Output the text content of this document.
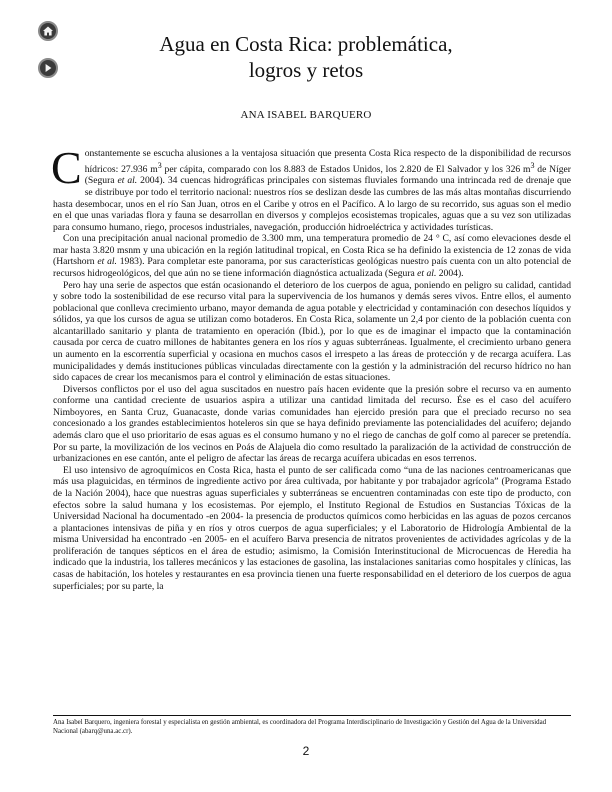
Agua en Costa Rica: problemática,
logros y retos
ANA ISABEL BARQUERO

Constantemente se escucha alusiones a la ventajosa situación que presenta Costa Rica respecto de la disponibilidad de recursos hídricos: 27.936 $m^3$ per cápita, comparado con los 8.883 de Estados Unidos, los 2.820 de El Salvador y los 326 $m^3$ de Níger (Segura et al. 2004). 34 cuencas hidrográficas principales con sistemas fluviales formando una intrincada red de drenaje que se distribuye por todo el territorio nacional: nuestros ríos se deslizan desde las cumbres de las más altas montañas discurriendo hasta desembocar, unos en el río San Juan, otros en el Caribe y otros en el Pacífico. A lo largo de su recorrido, sus aguas son el medio en el que unas variadas flora y fauna se desarrollan en diversos y complejos ecosistemas tropicales, aguas que a su vez son utilizadas para consumo humano, riego, procesos industriales, navegación, producción hidroeléctrica y actividades turísticas.

Con una precipitación anual nacional promedio de 3.300 mm, una temperatura promedio de 24 ° C, así como elevaciones desde el mar hasta 3.820 msnm y una ubicación en la región latitudinal tropical, en Costa Rica se ha definido la existencia de 12 zonas de vida (Hartshorn et al. 1983). Para completar este panorama, por sus características geológicas nuestro país cuenta con un alto potencial de recursos hidrogeológicos, del que aún no se tiene información diagnóstica actualizada (Segura et al. 2004).

Pero hay una serie de aspectos que están ocasionando el deterioro de los cuerpos de agua, poniendo en peligro su calidad, cantidad y sobre todo la sostenibilidad de ese recurso vital para la supervivencia de los humanos y demás seres vivos. Entre ellos, el aumento poblacional que conlleva crecimiento urbano, mayor demanda de agua potable y electricidad y contaminación con desechos líquidos y sólidos, ya que los cursos de agua se utilizan como botaderos. En Costa Rica, solamente un 2,4 por ciento de la población cuenta con alcantarillado sanitario y planta de tratamiento en operación (Ibid.), por lo que es de imaginar el impacto que la contaminación causada por cerca de cuatro millones de habitantes genera en los ríos y aguas subterráneas. Igualmente, el crecimiento urbano genera un aumento en la escorrentía superficial y ocasiona en muchos casos el irrespeto a las áreas de protección y de recarga acuífera. Las municipalidades y demás instituciones públicas vinculadas directamente con la gestión y la administración del recurso hídrico no han sido capaces de crear los mecanismos para el control y eliminación de estas situaciones.

Diversos conflictos por el uso del agua suscitados en nuestro país hacen evidente que la presión sobre el recurso va en aumento conforme una cantidad creciente de usuarios aspira a utilizar una cantidad limitada del recurso. Ése es el caso del acuífero Nimboyores, en Santa Cruz, Guanacaste, donde varias comunidades han ejercido presión para que el preciado recurso no sea concesionado a los grandes establecimientos hoteleros sin que se haya definido previamente las potencialidades del acuífero; dejando además claro que el uso prioritario de esas aguas es el consumo humano y no el riego de canchas de golf como al parecer se pretendía. Por su parte, la movilización de los vecinos en Poás de Alajuela dio como resultado la paralización de la actividad de construcción de urbanizaciones en ese cantón, ante el peligro de afectar las áreas de recarga acuífera ubicadas en esos terrenos.

El uso intensivo de agroquímicos en Costa Rica, hasta el punto de ser calificada como “una de las naciones centroamericanas que más usa plaguicidas, en términos de ingrediente activo por área cultivada, por habitante y por trabajador agrícola” (Programa Estado de la Nación 2004), hace que nuestras aguas superficiales y subterráneas se encuentren contaminadas con este tipo de producto, con efectos sobre la salud humana y los ecosistemas. Por ejemplo, el Instituto Regional de Estudios en Sustancias Tóxicas de la Universidad Nacional ha documentado -en 2004- la presencia de productos químicos como herbicidas en las aguas de pozos cercanos a plantaciones intensivas de piña y en ríos y otros cuerpos de agua superficiales; y el Laboratorio de Hidrología Ambiental de la misma Universidad ha encontrado -en 2005- en el acuífero Barva presencia de nitratos provenientes de actividades agrícolas y de la proliferación de tanques sépticos en el área de estudio; asimismo, la Comisión Interinstitucional de Microcuencas de Heredia ha indicado que la industria, los talleres mecánicos y las estaciones de gasolina, las instalaciones sanitarias como hospitales y clínicas, las casas de habitación, los hoteles y restaurantes en esa provincia tienen una fuerte responsabilidad en el deterioro de los cuerpos de agua superficiales; por su parte, la

Ana Isabel Barquero, ingeniera forestal y especialista en gestión ambiental, es coordinadora del Programa Interdisciplinario de Investigación y Gestión del Agua de la Universidad Nacional (abarq@una.ac.cr).
2
